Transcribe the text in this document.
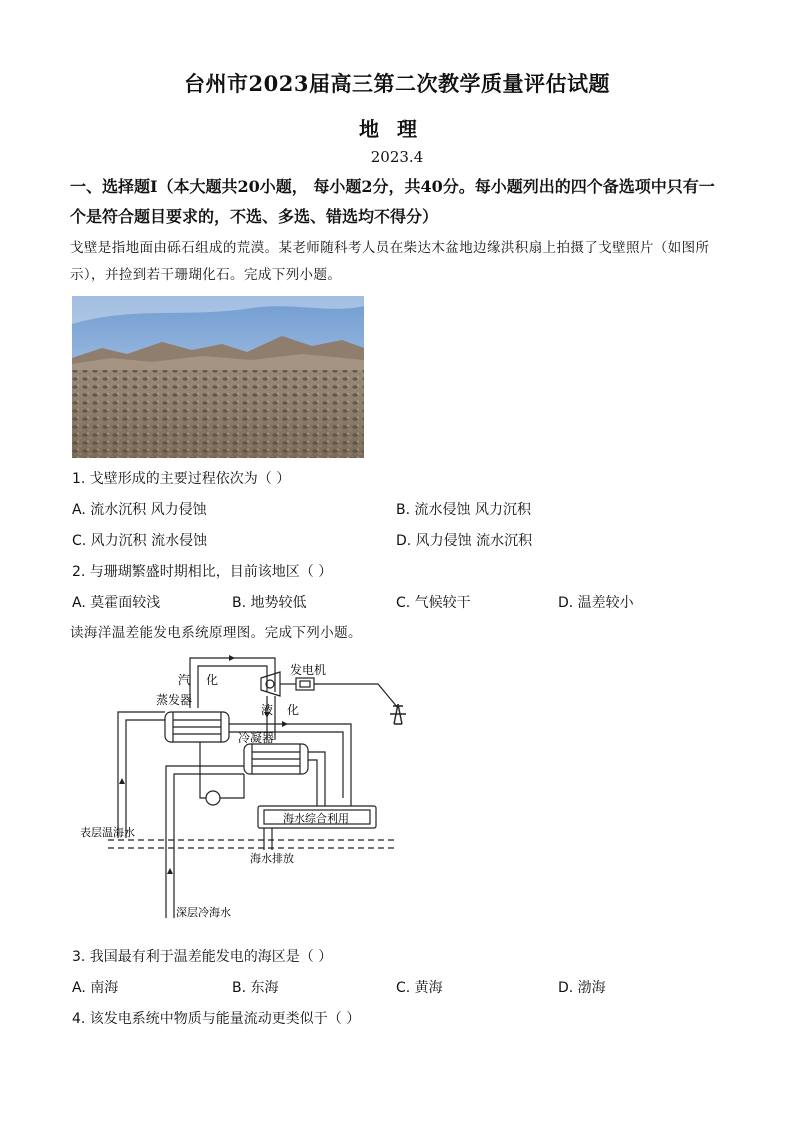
台州市2023届高三第二次教学质量评估试题
地理
2023.4
一、选择题Ⅰ（本大题共20小题， 每小题2分，共40分。每小题列出的四个备选项中只有一个是符合题目要求的，不选、多选、错选均不得分）
戈壁是指地面由砾石组成的荒漠。某老师随科考人员在柴达木盆地边缘洪积扇上拍摄了戈壁照片（如图所示），并捡到若干珊瑚化石。完成下列小题。
1. 戈壁形成的主要过程依次为（ ）
A. 流水沉积 风力侵蚀	B. 流水侵蚀 风力沉积
C. 风力沉积 流水侵蚀	D. 风力侵蚀 流水沉积
2. 与珊瑚繁盛时期相比，目前该地区（ ）
A. 莫霍面较浅	B. 地势较低	C. 气候较干	D. 温差较小
读海洋温差能发电系统原理图。完成下列小题。
汽 化
蒸发器
液 化
发电机
冷凝器
表层温海水
海水综合利用
海水排放
深层冷海水
3. 我国最有利于温差能发电的海区是（ ）
A. 南海	B. 东海	C. 黄海	D. 渤海
4. 该发电系统中物质与能量流动更类似于（ ）
